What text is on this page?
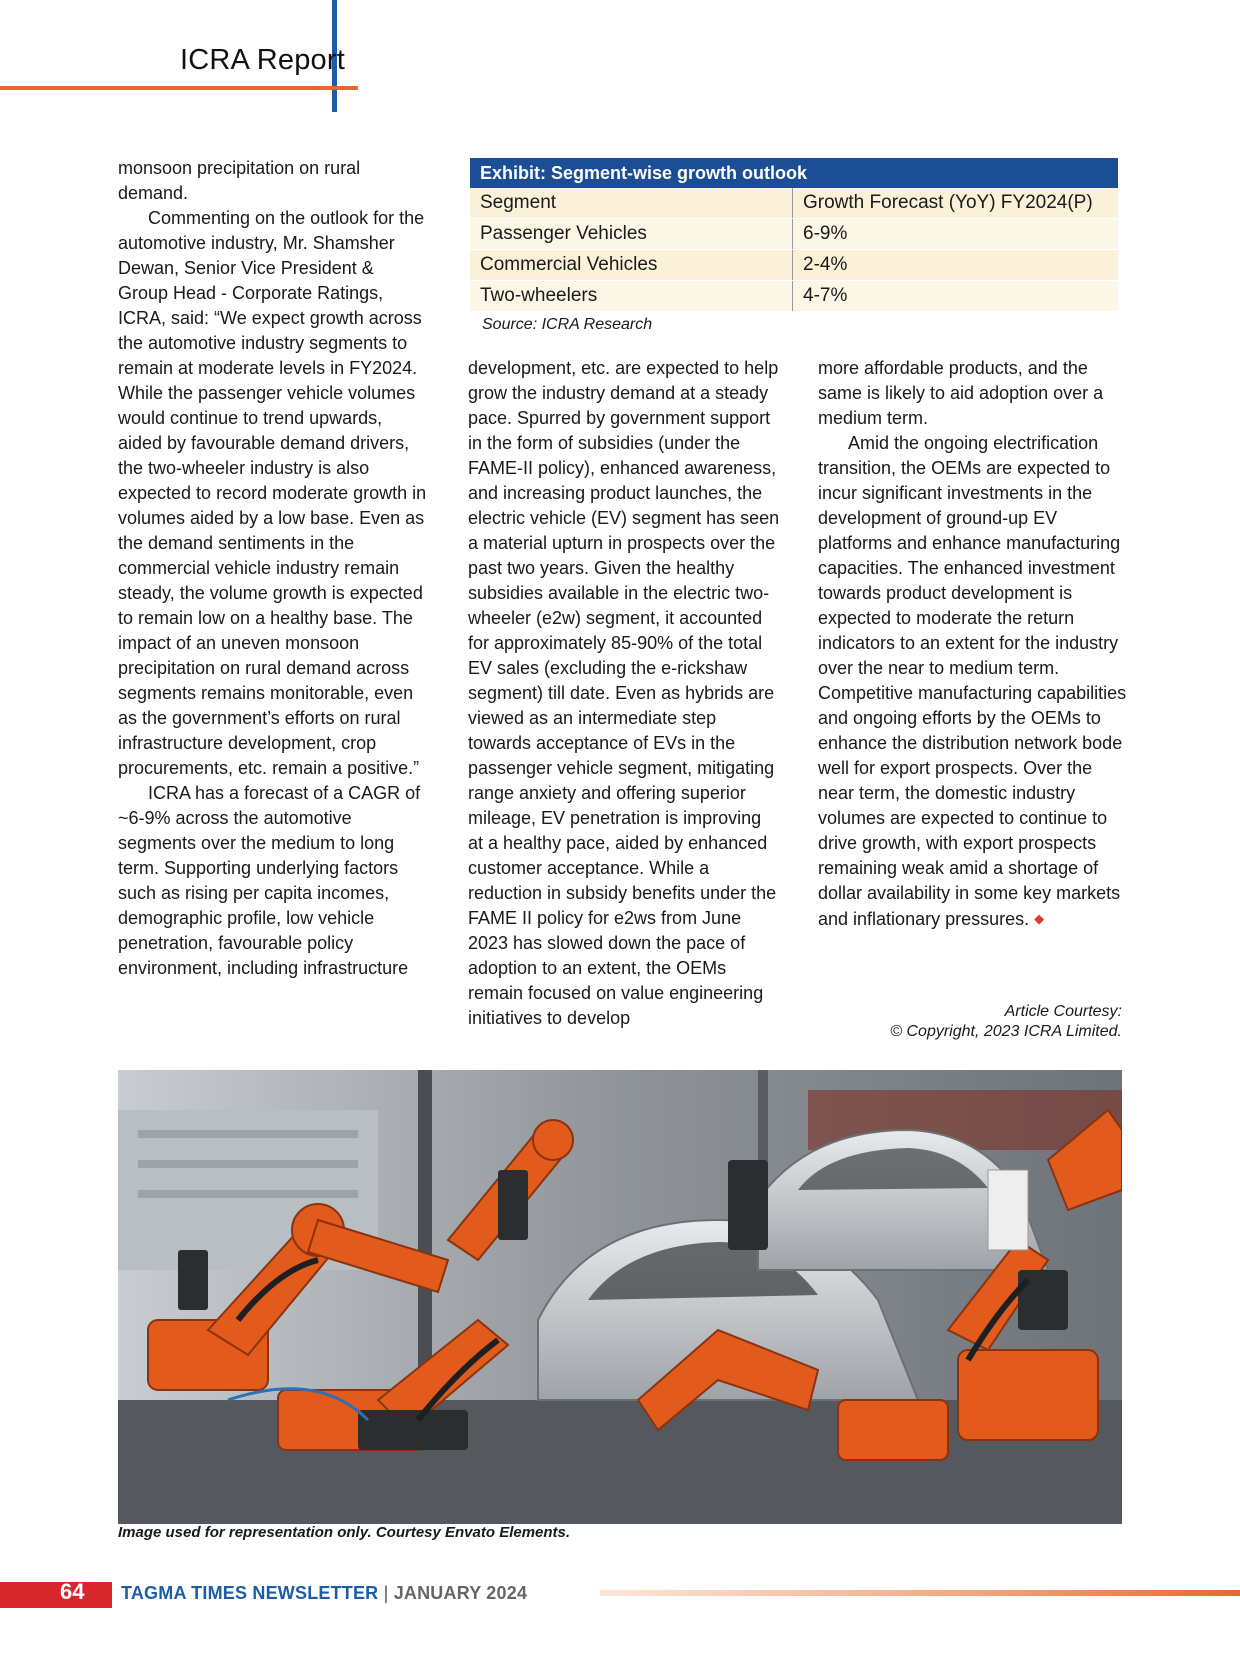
ICRA Report

monsoon precipitation on rural demand.

Commenting on the outlook for the automotive industry, Mr. Shamsher Dewan, Senior Vice President & Group Head - Corporate Ratings, ICRA, said: “We expect growth across the automotive industry segments to remain at moderate levels in FY2024. While the passenger vehicle volumes would continue to trend upwards, aided by favourable demand drivers, the two-wheeler industry is also expected to record moderate growth in volumes aided by a low base. Even as the demand sentiments in the commercial vehicle industry remain steady, the volume growth is expected to remain low on a healthy base. The impact of an uneven monsoon precipitation on rural demand across segments remains monitorable, even as the government’s efforts on rural infrastructure development, crop procurements, etc. remain a positive.”

ICRA has a forecast of a CAGR of ~6-9% across the automotive segments over the medium to long term. Supporting underlying factors such as rising per capita incomes, demographic profile, low vehicle penetration, favourable policy environment, including infrastructure

Exhibit: Segment-wise growth outlook	
Segment	Growth Forecast (YoY) FY2024(P)
Passenger Vehicles	6-9%
Commercial Vehicles	2-4%
Two-wheelers	4-7%
Source: ICRA Research

development, etc. are expected to help grow the industry demand at a steady pace. Spurred by government support in the form of subsidies (under the FAME-II policy), enhanced awareness, and increasing product launches, the electric vehicle (EV) segment has seen a material upturn in prospects over the past two years. Given the healthy subsidies available in the electric two-wheeler (e2w) segment, it accounted for approximately 85-90% of the total EV sales (excluding the e-rickshaw segment) till date. Even as hybrids are viewed as an intermediate step towards acceptance of EVs in the passenger vehicle segment, mitigating range anxiety and offering superior mileage, EV penetration is improving at a healthy pace, aided by enhanced customer acceptance. While a reduction in subsidy benefits under the FAME II policy for e2ws from June 2023 has slowed down the pace of adoption to an extent, the OEMs remain focused on value engineering initiatives to develop

more affordable products, and the same is likely to aid adoption over a medium term.

Amid the ongoing electrification transition, the OEMs are expected to incur significant investments in the development of ground-up EV platforms and enhance manufacturing capacities. The enhanced investment towards product development is expected to moderate the return indicators to an extent for the industry over the near to medium term. Competitive manufacturing capabilities and ongoing efforts by the OEMs to enhance the distribution network bode well for export prospects. Over the near term, the domestic industry volumes are expected to continue to drive growth, with export prospects remaining weak amid a shortage of dollar availability in some key markets and inflationary pressures. ◆

Article Courtesy:
© Copyright, 2023 ICRA Limited.
Image used for representation only. Courtesy Envato Elements.
64 TAGMA TIMES NEWSLETTER | JANUARY 2024
